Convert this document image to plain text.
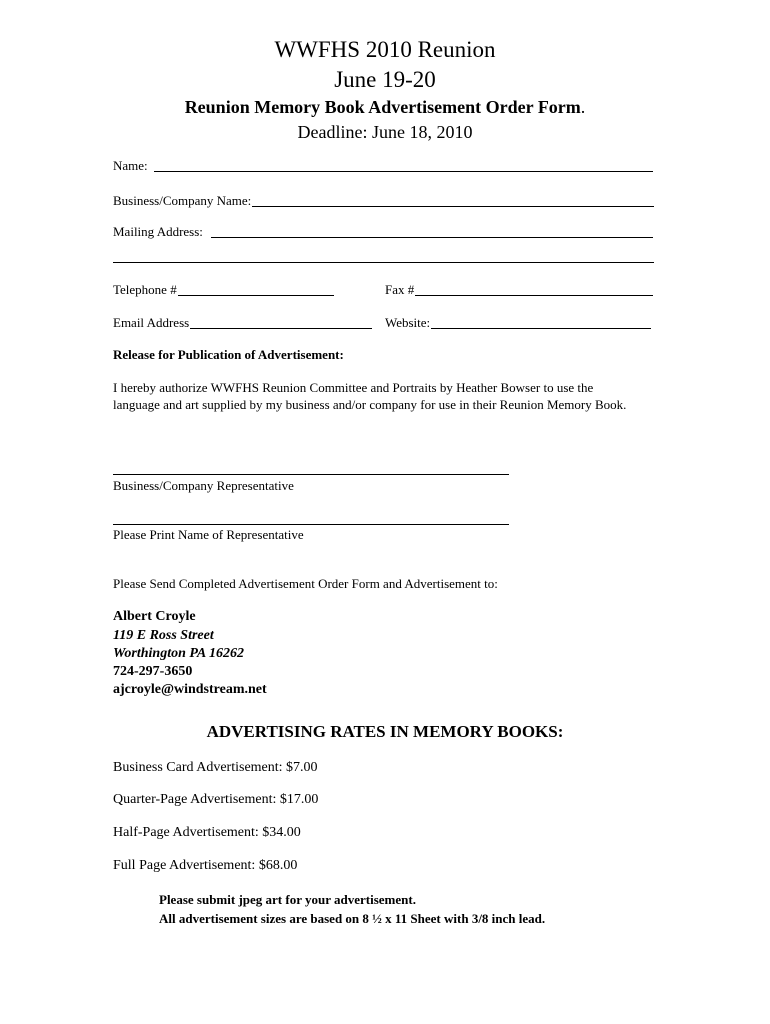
WWFHS 2010 Reunion
June 19-20
Reunion Memory Book Advertisement Order Form.
Deadline: June 18, 2010
Name:
Business/Company Name:
Mailing Address:
Telephone #	Fax #
Email Address	Website:
Release for Publication of Advertisement:
I hereby authorize WWFHS Reunion Committee and Portraits by Heather Bowser to use the language and art supplied by my business and/or company for use in their Reunion Memory Book.
Business/Company Representative
Please Print Name of Representative
Please Send Completed Advertisement Order Form and Advertisement to:
Albert Croyle
119 E Ross Street
Worthington PA 16262
724-297-3650
ajcroyle@windstream.net
ADVERTISING RATES IN MEMORY BOOKS:
Business Card Advertisement: $7.00
Quarter-Page Advertisement: $17.00
Half-Page Advertisement: $34.00
Full Page Advertisement: $68.00
Please submit jpeg art for your advertisement.
All advertisement sizes are based on 8 ½ x 11 Sheet with 3/8 inch lead.
